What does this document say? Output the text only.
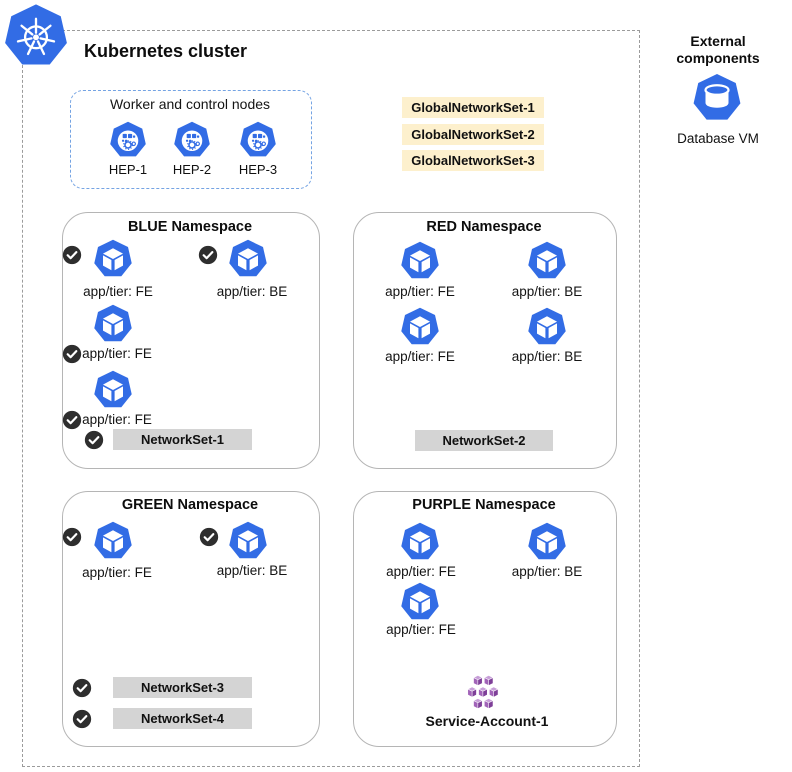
Kubernetes cluster
Worker and control nodes
HEP-1 HEP-2 HEP-3
GlobalNetworkSet-1
GlobalNetworkSet-2
GlobalNetworkSet-3
BLUE Namespace
app/tier: FE	app/tier: BE
app/tier: FE
app/tier: FE
NetworkSet-1
RED Namespace
app/tier: FE	app/tier: BE
app/tier: FE	app/tier: BE
NetworkSet-2
GREEN Namespace
app/tier: FE	app/tier: BE
NetworkSet-3
NetworkSet-4
PURPLE Namespace
app/tier: FE	app/tier: BE
app/tier: FE
Service-Account-1
External components
Database VM
